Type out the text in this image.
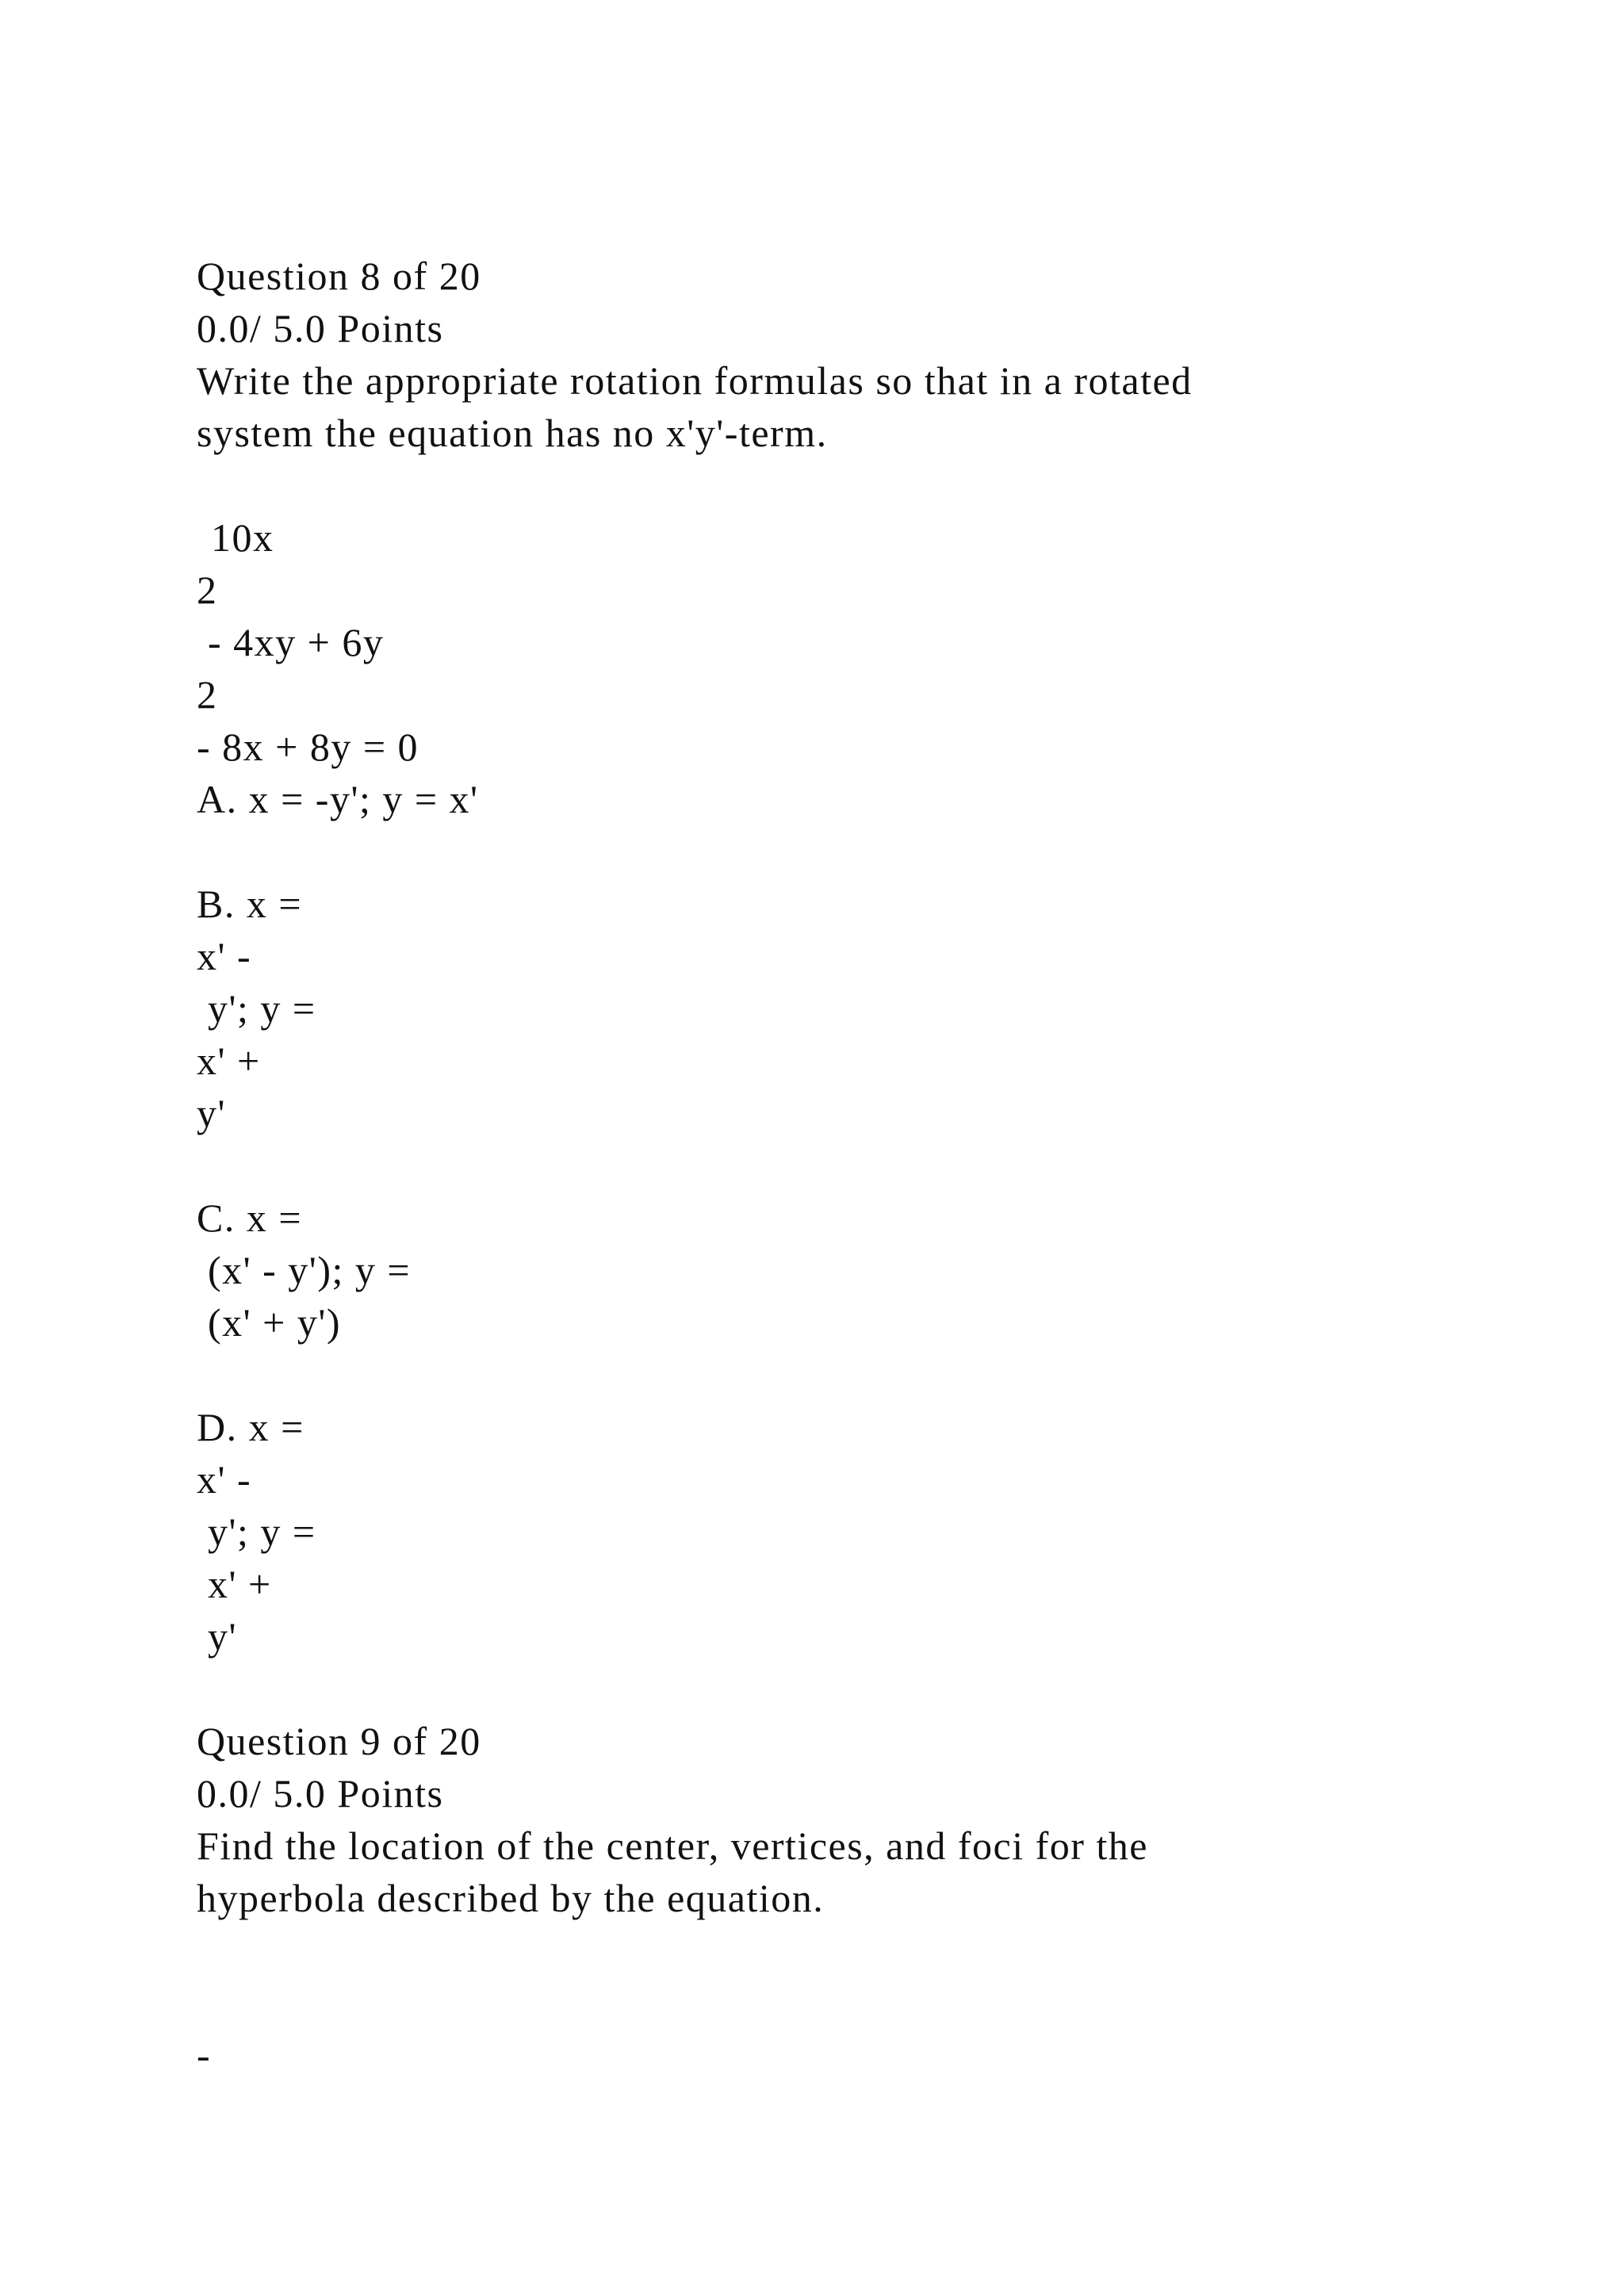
Question 8 of 20
0.0/ 5.0 Points
Write the appropriate rotation formulas so that in a rotated
system the equation has no x'y'-term.
10x
2
- 4xy + 6y
2
- 8x + 8y = 0
A. x = -y'; y = x'
B. x =
x' -
y'; y =
x' +
y'
C. x =
(x' - y'); y =
(x' + y')
D. x =
x' -
y'; y =
x' +
y'
Question 9 of 20
0.0/ 5.0 Points
Find the location of the center, vertices, and foci for the
hyperbola described by the equation.
-
